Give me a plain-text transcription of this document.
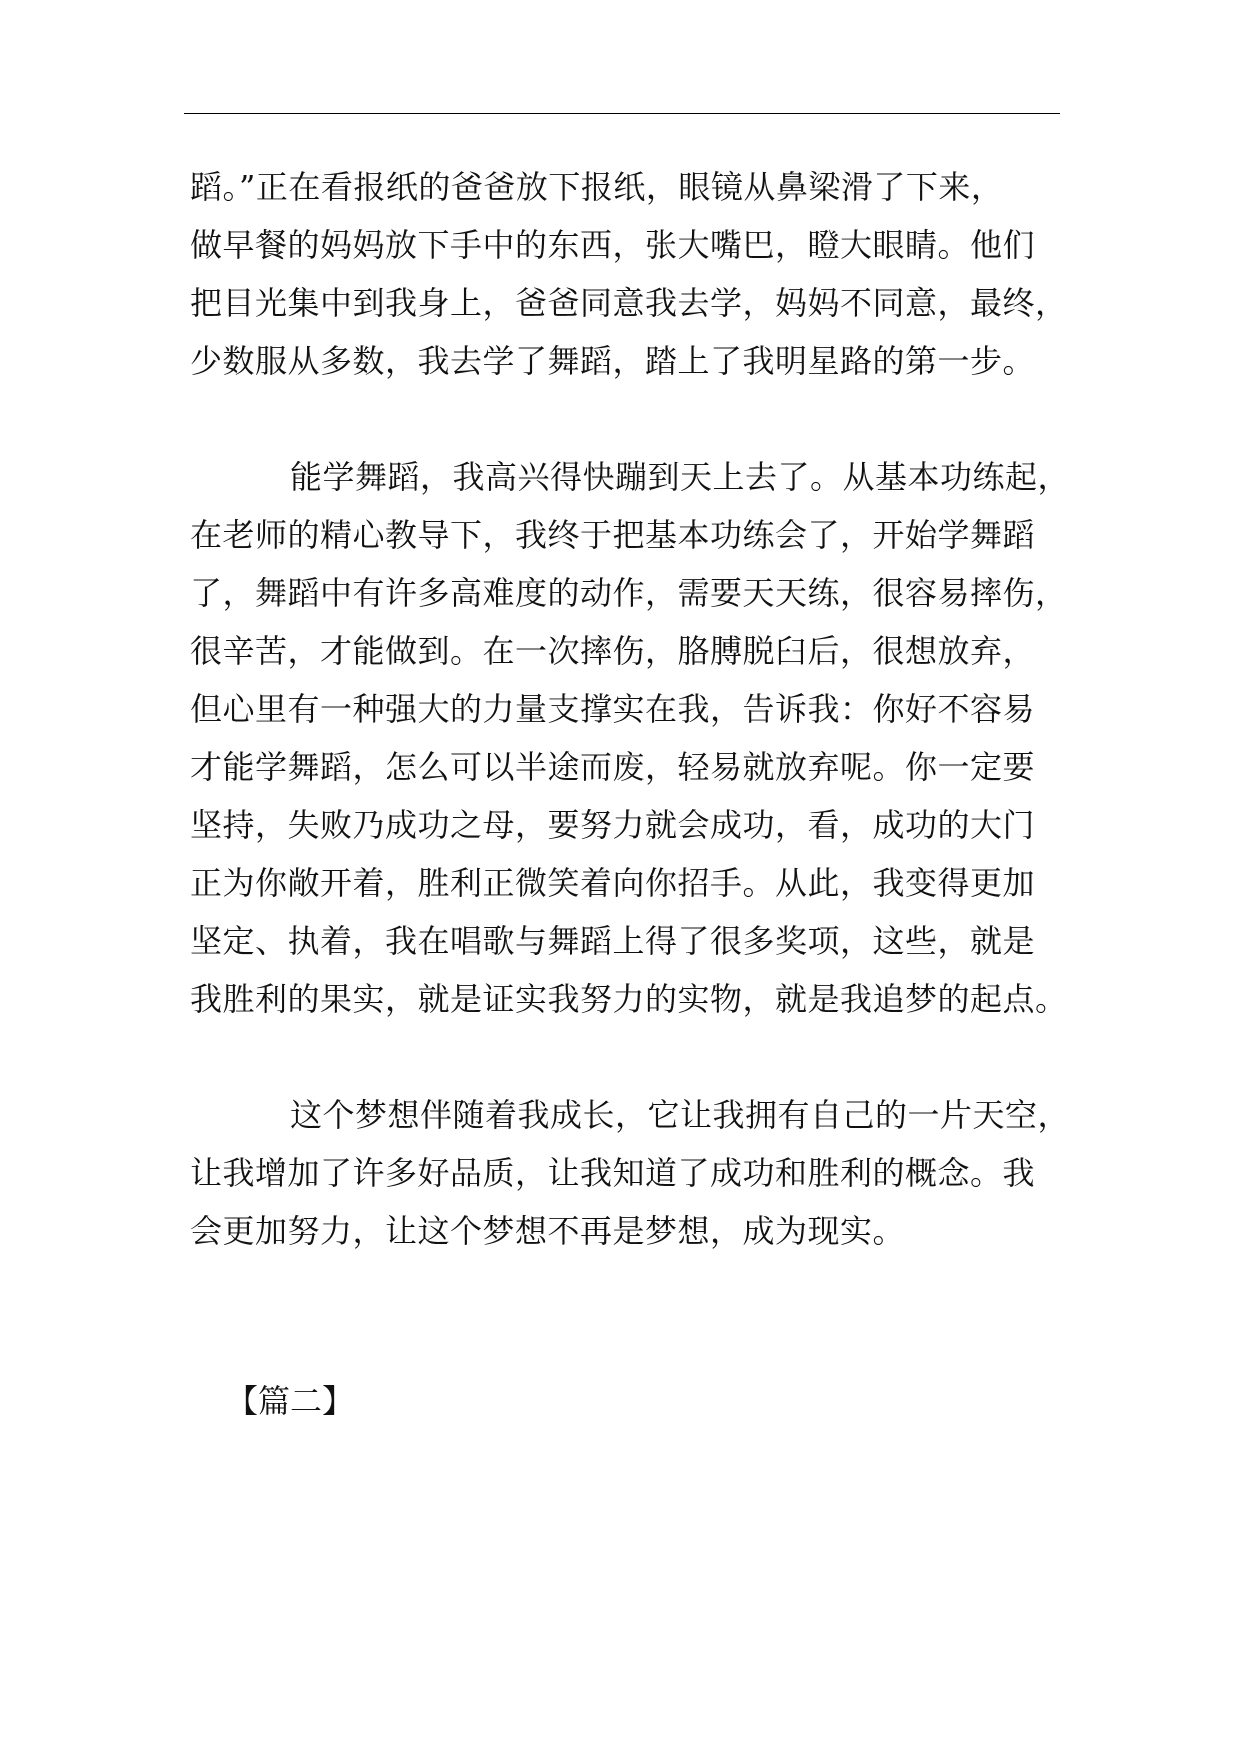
蹈。”正在看报纸的爸爸放下报纸，眼镜从鼻梁滑了下来，
做早餐的妈妈放下手中的东西，张大嘴巴，瞪大眼睛。他们
把目光集中到我身上，爸爸同意我去学，妈妈不同意，最终，
少数服从多数，我去学了舞蹈，踏上了我明星路的第一步。
能学舞蹈，我高兴得快蹦到天上去了。从基本功练起，
在老师的精心教导下，我终于把基本功练会了，开始学舞蹈
了，舞蹈中有许多高难度的动作，需要天天练，很容易摔伤，
很辛苦，才能做到。在一次摔伤，胳膊脱臼后，很想放弃，
但心里有一种强大的力量支撑实在我，告诉我：你好不容易
才能学舞蹈，怎么可以半途而废，轻易就放弃呢。你一定要
坚持，失败乃成功之母，要努力就会成功，看，成功的大门
正为你敞开着，胜利正微笑着向你招手。从此，我变得更加
坚定、执着，我在唱歌与舞蹈上得了很多奖项，这些，就是
我胜利的果实，就是证实我努力的实物，就是我追梦的起点。
这个梦想伴随着我成长，它让我拥有自己的一片天空，
让我增加了许多好品质，让我知道了成功和胜利的概念。我
会更加努力，让这个梦想不再是梦想，成为现实。
【篇二】
